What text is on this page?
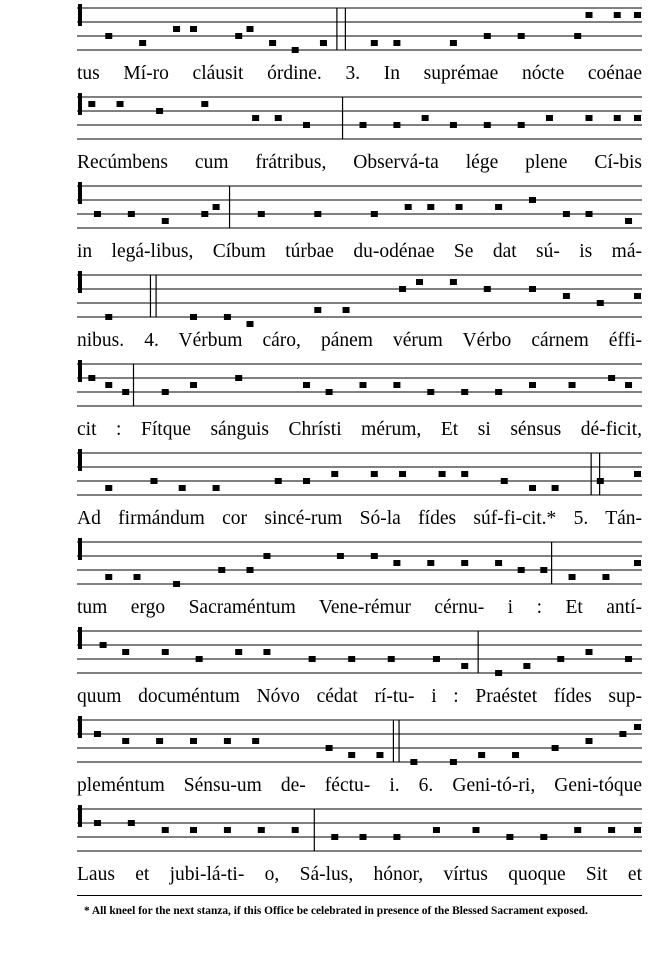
tus Mí-ro cláusit órdine. 3. In suprémae nócte coénae
Recúmbens cum frátribus, Observá-ta lége plene Cí-bis
in legá-libus, Cíbum túrbae du-odénae Se dat sú- is má-
nibus. 4. Vérbum cáro, pánem vérum Vérbo cárnem éffi-
cit : Fítque sánguis Chrísti mérum, Et si sénsus dé-ficit,
Ad firmándum cor sincé-rum Só-la fídes súf-fi-cit.* 5. Tán-
tum ergo Sacraméntum Vene-rémur cérnu- i : Et antí-
quum documéntum Nóvo cédat rí-tu- i : Praéstet fídes sup-
pleméntum Sénsu-um de- féctu- i. 6. Geni-tó-ri, Geni-tóque
Laus et jubi-lá-ti- o, Sá-lus, hónor, vírtus quoque Sit et
* All kneel for the next stanza, if this Office be celebrated in presence of the Blessed Sacrament exposed.
